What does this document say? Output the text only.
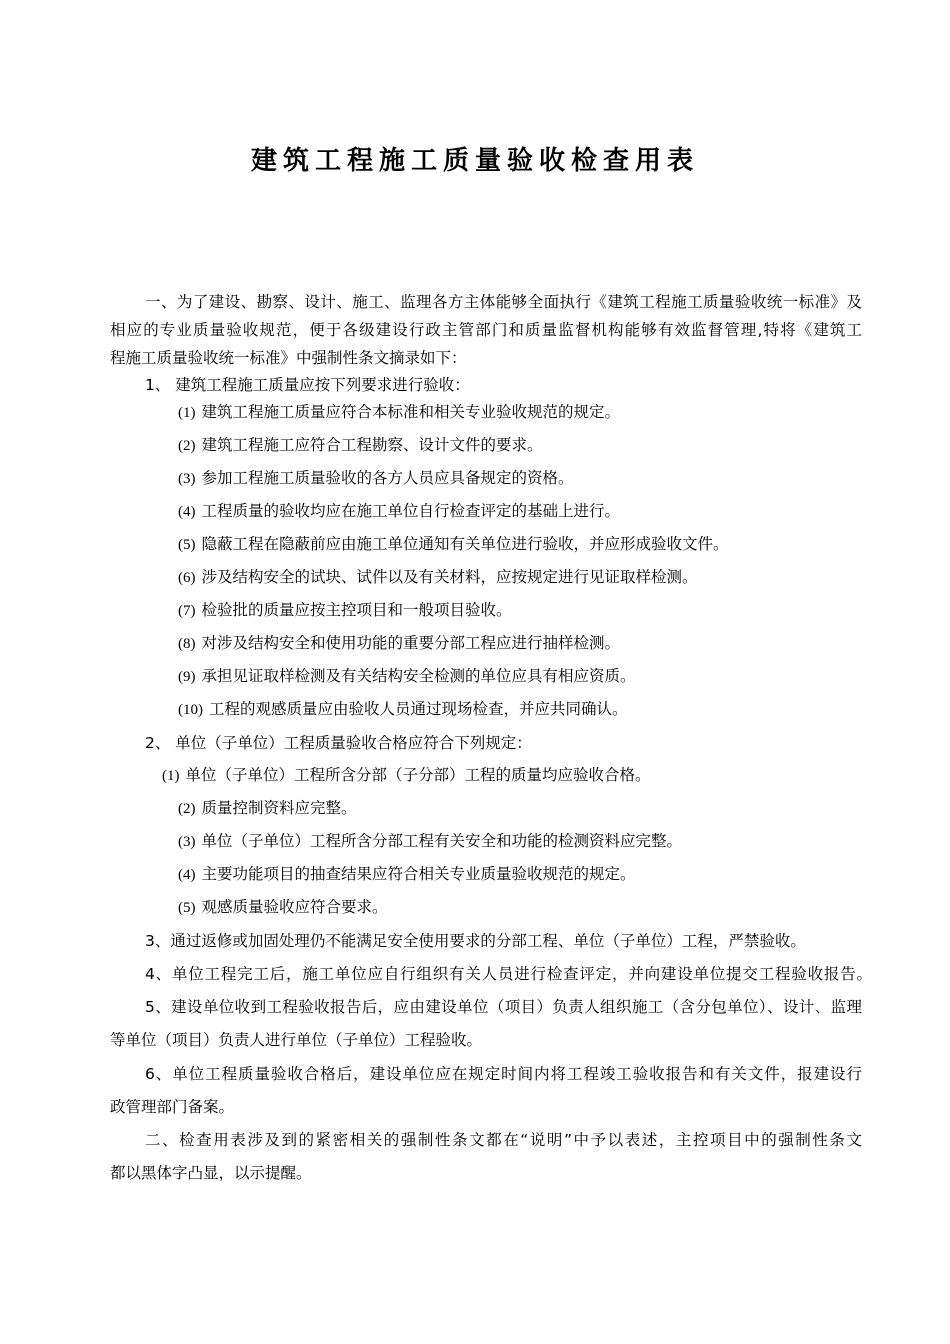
建筑工程施工质量验收检查用表
一、为了建设、勘察、设计、施工、监理各方主体能够全面执行《建筑工程施工质量验收统一标准》及
相应的专业质量验收规范，便于各级建设行政主管部门和质量监督机构能够有效监督管理,特将《建筑工
程施工质量验收统一标准》中强制性条文摘录如下：
1、 建筑工程施工质量应按下列要求进行验收：
(1) 建筑工程施工质量应符合本标准和相关专业验收规范的规定。
(2) 建筑工程施工应符合工程勘察、设计文件的要求。
(3) 参加工程施工质量验收的各方人员应具备规定的资格。
(4) 工程质量的验收均应在施工单位自行检查评定的基础上进行。
(5) 隐蔽工程在隐蔽前应由施工单位通知有关单位进行验收，并应形成验收文件。
(6) 涉及结构安全的试块、试件以及有关材料，应按规定进行见证取样检测。
(7) 检验批的质量应按主控项目和一般项目验收。
(8) 对涉及结构安全和使用功能的重要分部工程应进行抽样检测。
(9) 承担见证取样检测及有关结构安全检测的单位应具有相应资质。
(10) 工程的观感质量应由验收人员通过现场检查，并应共同确认。
2、 单位（子单位）工程质量验收合格应符合下列规定：
(1) 单位（子单位）工程所含分部（子分部）工程的质量均应验收合格。
(2) 质量控制资料应完整。
(3) 单位（子单位）工程所含分部工程有关安全和功能的检测资料应完整。
(4) 主要功能项目的抽查结果应符合相关专业质量验收规范的规定。
(5) 观感质量验收应符合要求。
3、通过返修或加固处理仍不能满足安全使用要求的分部工程、单位（子单位）工程，严禁验收。
4、单位工程完工后，施工单位应自行组织有关人员进行检查评定，并向建设单位提交工程验收报告。
5、建设单位收到工程验收报告后，应由建设单位（项目）负责人组织施工（含分包单位）、设计、监理
等单位（项目）负责人进行单位（子单位）工程验收。
6、单位工程质量验收合格后，建设单位应在规定时间内将工程竣工验收报告和有关文件，报建设行
政管理部门备案。
二、检查用表涉及到的紧密相关的强制性条文都在“说明”中予以表述，主控项目中的强制性条文
都以黑体字凸显，以示提醒。
